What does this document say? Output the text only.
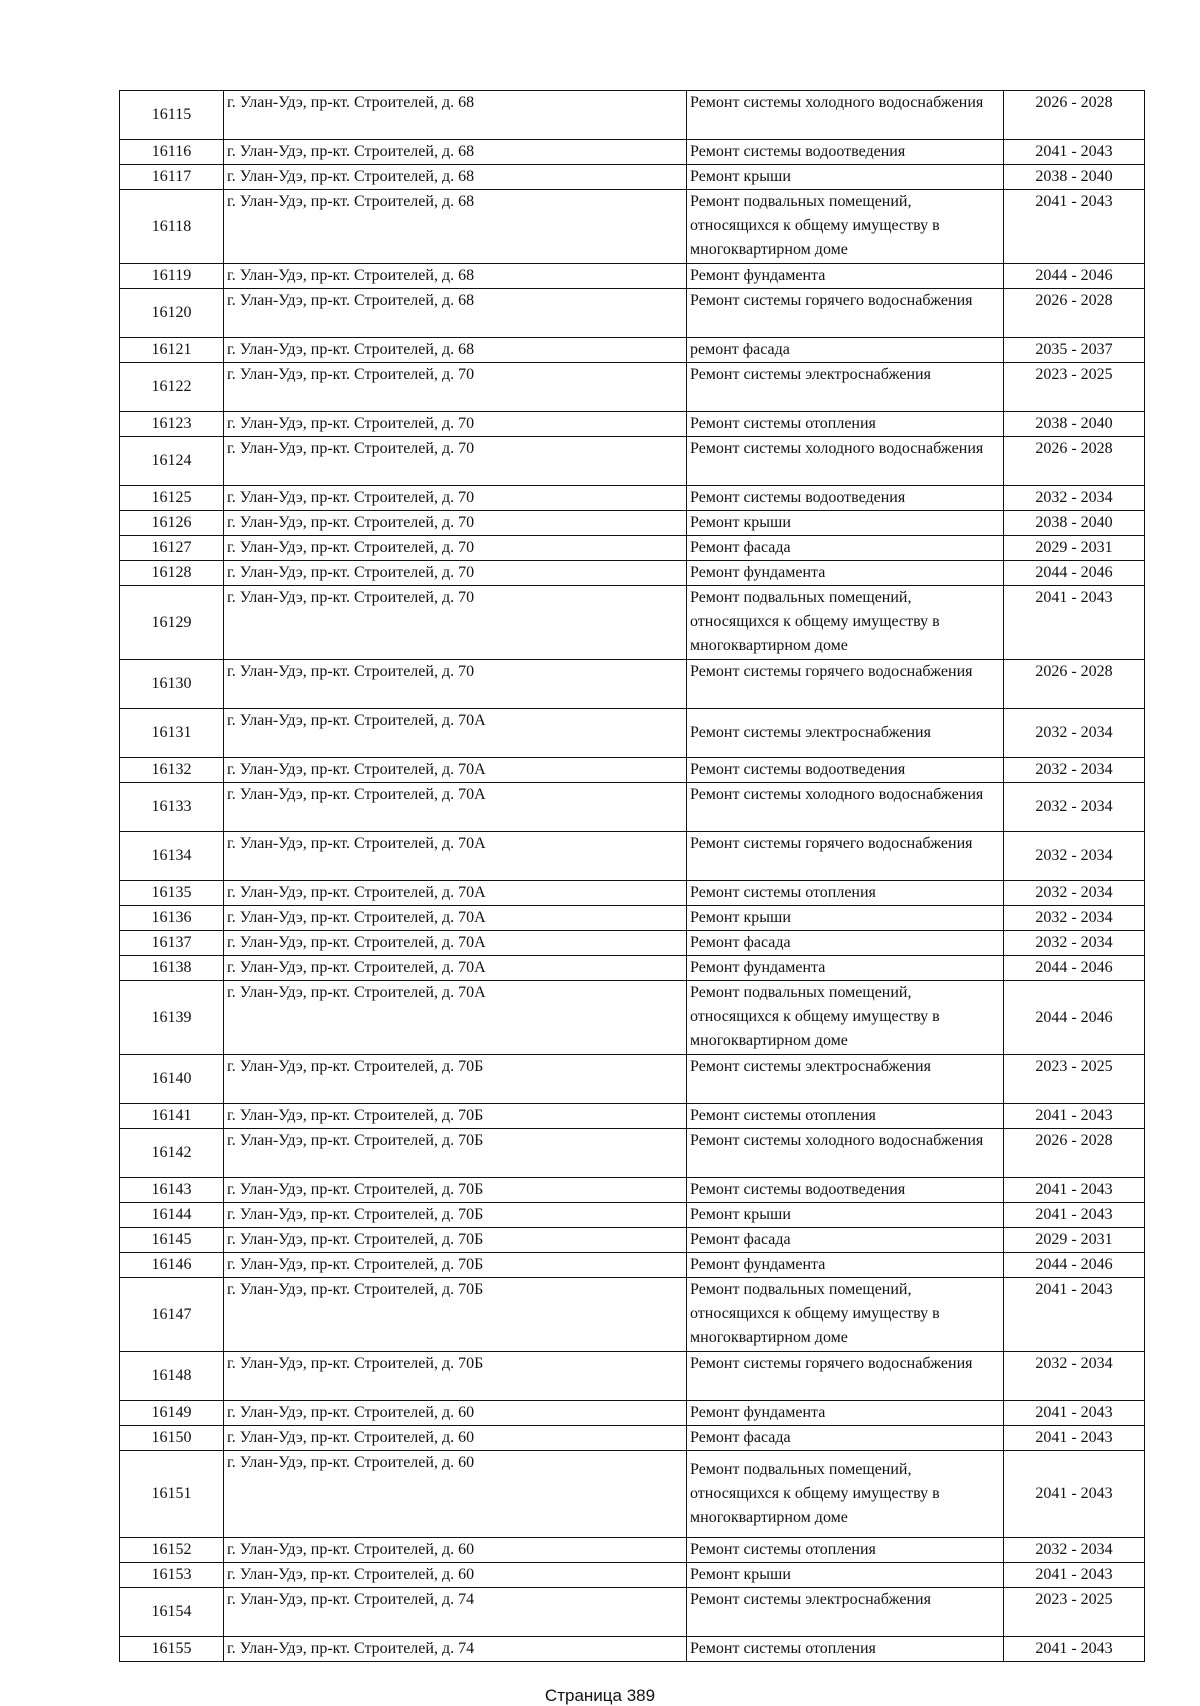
16115	г. Улан-Удэ, пр-кт. Строителей, д. 68	Ремонт системы холодного водоснабжения	2026 - 2028
16116	г. Улан-Удэ, пр-кт. Строителей, д. 68	Ремонт системы водоотведения	2041 - 2043
16117	г. Улан-Удэ, пр-кт. Строителей, д. 68	Ремонт крыши	2038 - 2040
16118	г. Улан-Удэ, пр-кт. Строителей, д. 68	Ремонт подвальных помещений, относящихся к общему имуществу в многоквартирном доме	2041 - 2043
16119	г. Улан-Удэ, пр-кт. Строителей, д. 68	Ремонт фундамента	2044 - 2046
16120	г. Улан-Удэ, пр-кт. Строителей, д. 68	Ремонт системы горячего водоснабжения	2026 - 2028
16121	г. Улан-Удэ, пр-кт. Строителей, д. 68	ремонт фасада	2035 - 2037
16122	г. Улан-Удэ, пр-кт. Строителей, д. 70	Ремонт системы электроснабжения	2023 - 2025
16123	г. Улан-Удэ, пр-кт. Строителей, д. 70	Ремонт системы отопления	2038 - 2040
16124	г. Улан-Удэ, пр-кт. Строителей, д. 70	Ремонт системы холодного водоснабжения	2026 - 2028
16125	г. Улан-Удэ, пр-кт. Строителей, д. 70	Ремонт системы водоотведения	2032 - 2034
16126	г. Улан-Удэ, пр-кт. Строителей, д. 70	Ремонт крыши	2038 - 2040
16127	г. Улан-Удэ, пр-кт. Строителей, д. 70	Ремонт фасада	2029 - 2031
16128	г. Улан-Удэ, пр-кт. Строителей, д. 70	Ремонт фундамента	2044 - 2046
16129	г. Улан-Удэ, пр-кт. Строителей, д. 70	Ремонт подвальных помещений, относящихся к общему имуществу в многоквартирном доме	2041 - 2043
16130	г. Улан-Удэ, пр-кт. Строителей, д. 70	Ремонт системы горячего водоснабжения	2026 - 2028
16131	г. Улан-Удэ, пр-кт. Строителей, д. 70А	Ремонт системы электроснабжения	2032 - 2034
16132	г. Улан-Удэ, пр-кт. Строителей, д. 70А	Ремонт системы водоотведения	2032 - 2034
16133	г. Улан-Удэ, пр-кт. Строителей, д. 70А	Ремонт системы холодного водоснабжения	2032 - 2034
16134	г. Улан-Удэ, пр-кт. Строителей, д. 70А	Ремонт системы горячего водоснабжения	2032 - 2034
16135	г. Улан-Удэ, пр-кт. Строителей, д. 70А	Ремонт системы отопления	2032 - 2034
16136	г. Улан-Удэ, пр-кт. Строителей, д. 70А	Ремонт крыши	2032 - 2034
16137	г. Улан-Удэ, пр-кт. Строителей, д. 70А	Ремонт фасада	2032 - 2034
16138	г. Улан-Удэ, пр-кт. Строителей, д. 70А	Ремонт фундамента	2044 - 2046
16139	г. Улан-Удэ, пр-кт. Строителей, д. 70А	Ремонт подвальных помещений, относящихся к общему имуществу в многоквартирном доме	2044 - 2046
16140	г. Улан-Удэ, пр-кт. Строителей, д. 70Б	Ремонт системы электроснабжения	2023 - 2025
16141	г. Улан-Удэ, пр-кт. Строителей, д. 70Б	Ремонт системы отопления	2041 - 2043
16142	г. Улан-Удэ, пр-кт. Строителей, д. 70Б	Ремонт системы холодного водоснабжения	2026 - 2028
16143	г. Улан-Удэ, пр-кт. Строителей, д. 70Б	Ремонт системы водоотведения	2041 - 2043
16144	г. Улан-Удэ, пр-кт. Строителей, д. 70Б	Ремонт крыши	2041 - 2043
16145	г. Улан-Удэ, пр-кт. Строителей, д. 70Б	Ремонт фасада	2029 - 2031
16146	г. Улан-Удэ, пр-кт. Строителей, д. 70Б	Ремонт фундамента	2044 - 2046
16147	г. Улан-Удэ, пр-кт. Строителей, д. 70Б	Ремонт подвальных помещений, относящихся к общему имуществу в многоквартирном доме	2041 - 2043
16148	г. Улан-Удэ, пр-кт. Строителей, д. 70Б	Ремонт системы горячего водоснабжения	2032 - 2034
16149	г. Улан-Удэ, пр-кт. Строителей, д. 60	Ремонт фундамента	2041 - 2043
16150	г. Улан-Удэ, пр-кт. Строителей, д. 60	Ремонт фасада	2041 - 2043
16151	г. Улан-Удэ, пр-кт. Строителей, д. 60	Ремонт подвальных помещений, относящихся к общему имуществу в многоквартирном доме	2041 - 2043
16152	г. Улан-Удэ, пр-кт. Строителей, д. 60	Ремонт системы отопления	2032 - 2034
16153	г. Улан-Удэ, пр-кт. Строителей, д. 60	Ремонт крыши	2041 - 2043
16154	г. Улан-Удэ, пр-кт. Строителей, д. 74	Ремонт системы электроснабжения	2023 - 2025
16155	г. Улан-Удэ, пр-кт. Строителей, д. 74	Ремонт системы отопления	2041 - 2043
Страница 389
